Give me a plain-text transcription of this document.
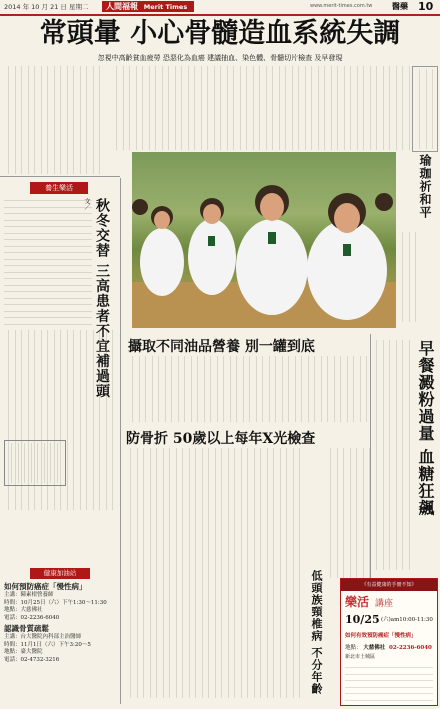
2014 年 10 月 21 日 星期二	人間福報 Merit Times	www.merit-times.com.tw 醫藥 10
常頭暈 小心骨髓造血系統失調
忽視中高齡貧血疲勞 恐惡化為血癌 建議抽血、染色體、骨髓切片檢查 及早發現
養生樂活
秋冬交替 三高患者不宜補過頭
文／	瑜珈祈和平
攝取不同油品營養 別一罐到底	早餐澱粉過量 血糖狂飆
防骨折 50歲以上每年X光檢查
低頭族頸椎病 不分年齡
健康加油站
如何預防癌症「慢性病」
主講：陳素柑營養師
時間：10月25日（六）下午1:30～11:30
地點：大慈佛社
電話：02-2236-6040
認識骨質疏鬆
主講：台大醫院內科部主治醫師
時間：11月1日（六）下午3:20～5
地點：臺大醫院
電話：02-4732-3216
《有益健康的手冊不知》
樂活 講座
10/25 (六)am10:00-11:30
如何有效預防癌症「慢性病」
地點： 大慈佛社 02-2236-6040
新北市土城區
